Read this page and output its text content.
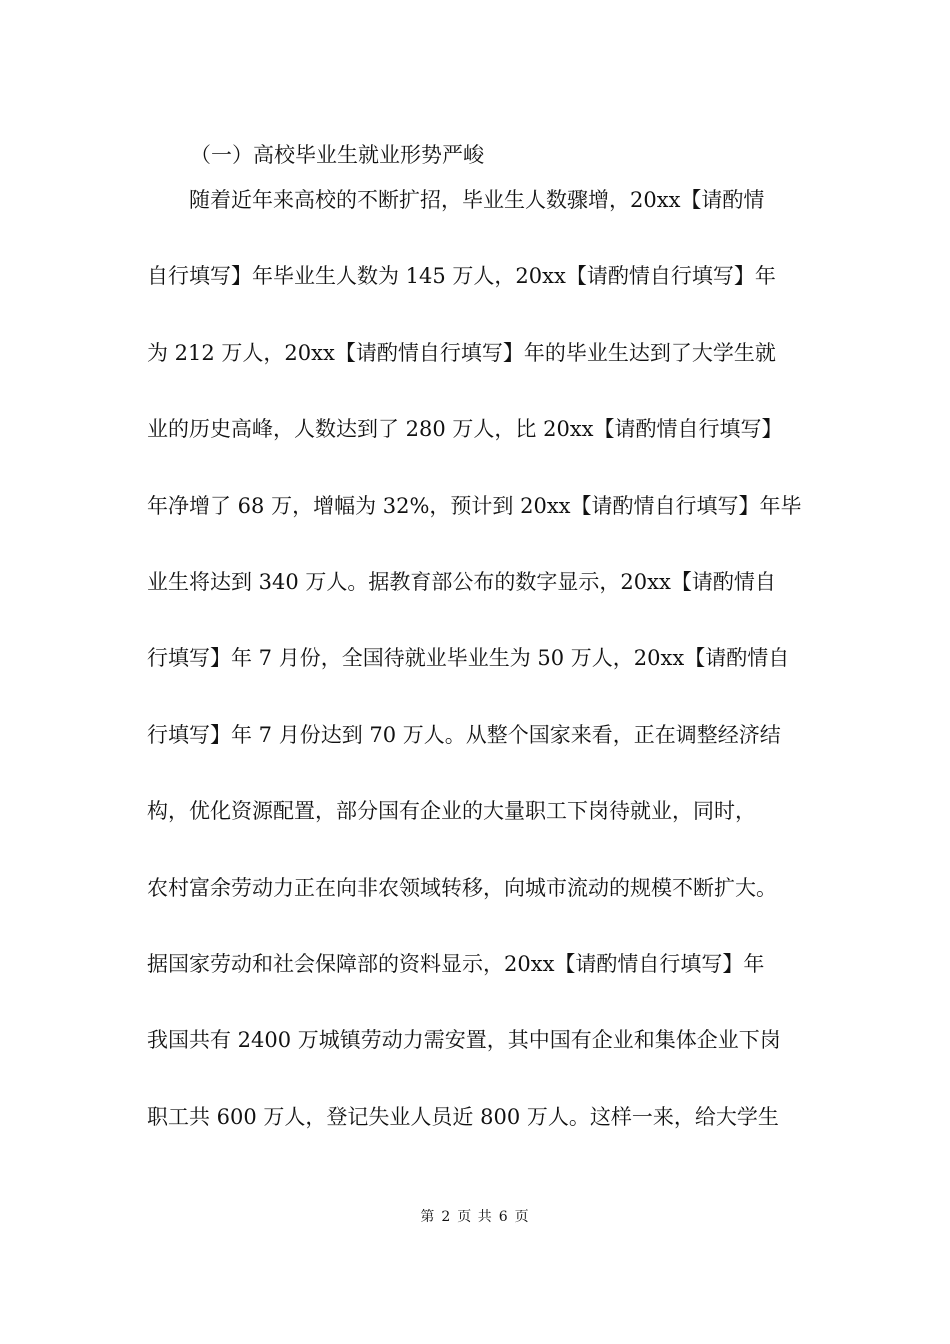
（一）高校毕业生就业形势严峻
随着近年来高校的不断扩招，毕业生人数骤增，20xx【请酌情
自行填写】年毕业生人数为 145 万人，20xx【请酌情自行填写】年
为 212 万人，20xx【请酌情自行填写】年的毕业生达到了大学生就
业的历史高峰，人数达到了 280 万人，比 20xx【请酌情自行填写】
年净增了 68 万，增幅为 32%，预计到 20xx【请酌情自行填写】年毕
业生将达到 340 万人。据教育部公布的数字显示，20xx【请酌情自
行填写】年 7 月份，全国待就业毕业生为 50 万人，20xx【请酌情自
行填写】年 7 月份达到 70 万人。从整个国家来看，正在调整经济结
构，优化资源配置，部分国有企业的大量职工下岗待就业，同时，
农村富余劳动力正在向非农领域转移，向城市流动的规模不断扩大。
据国家劳动和社会保障部的资料显示，20xx【请酌情自行填写】年
我国共有 2400 万城镇劳动力需安置，其中国有企业和集体企业下岗
职工共 600 万人，登记失业人员近 800 万人。这样一来，给大学生
第 2 页 共 6 页
